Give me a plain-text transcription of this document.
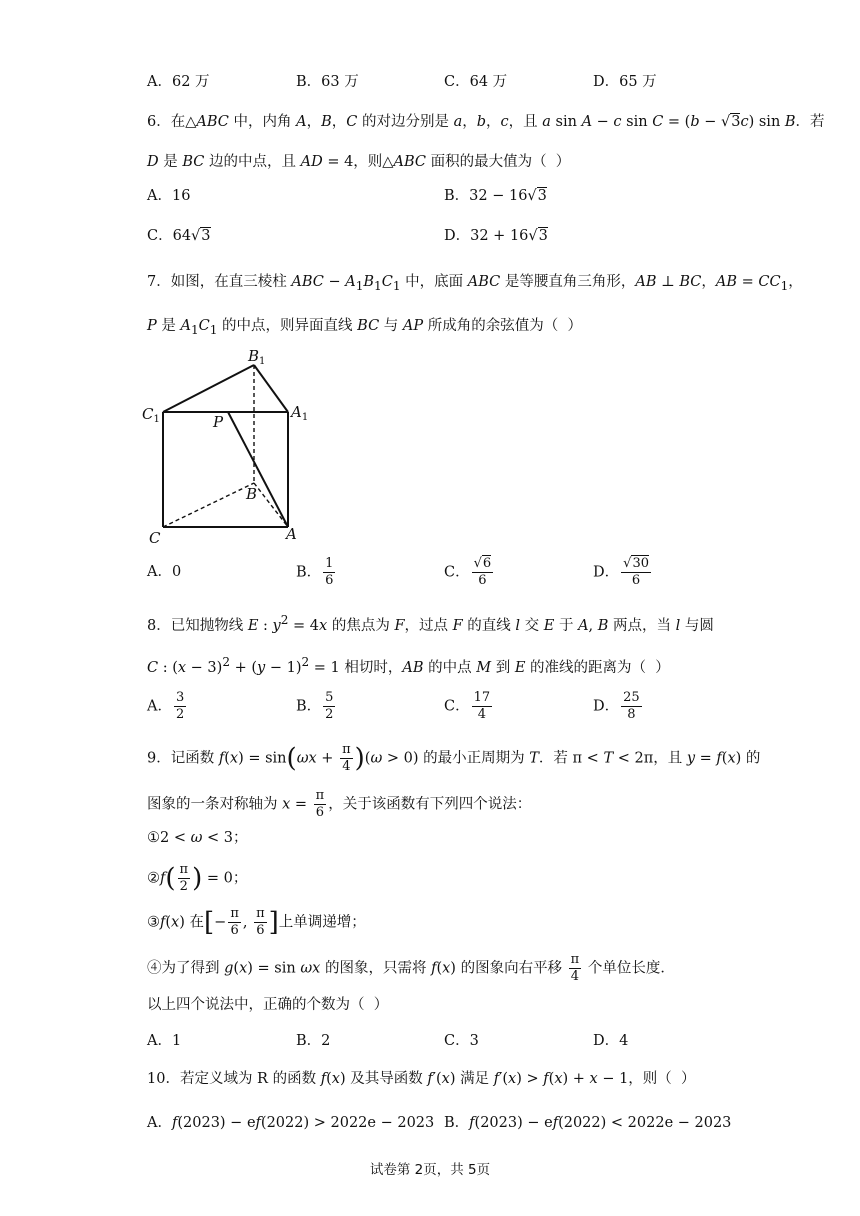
A．62 万	B．63 万	C．64 万	D．65 万
6．在△ABC 中，内角 A，B，C 的对边分别是 a，b，c，且 a sin A − c sin C = (b − √3c) sin B．若
D 是 BC 边的中点，且 AD = 4，则△ABC 面积的最大值为（  ）
A．16	B．32 − 16√3
C．64√3	D．32 + 16√3
7．如图，在直三棱柱 ABC − $A_1B_1C_1$ 中，底面 ABC 是等腰直角三角形，AB ⊥ BC，AB = $CC_1$，
P 是 $A_1C_1$ 的中点，则异面直线 BC 与 AP 所成角的余弦值为（  ）
$B_1$
$C_1$	$A_1$
P
B
C	A
A．0	B． $\frac{1}{6}$	C． $\frac{√6}{6}$	D． $\frac{√30}{6}$
8．已知抛物线 E : $y^2 = 4x$ 的焦点为 F，过点 F 的直线 l 交 E 于 A, B 两点，当 l 与圆
C : $(x - 3)^2 + (y - 1)^2 = 1$ 相切时，AB 的中点 M 到 E 的准线的距离为（  ）
A． $\frac{3}{2}$	B． $\frac{5}{2}$	C． $\frac{17}{4}$	D． $\frac{25}{8}$
9．记函数 $f(x) = \sin(\omega x + \frac{\pi}{4} )(\omega > 0)$ 的最小正周期为 T．若 π < T < 2π，且 y = f(x) 的
图象的一条对称轴为 $x = \frac{\pi}{6}$ ，关于该函数有下列四个说法：
①2 < ω < 3；
②f( $\frac{\pi}{2}$ ) = 0；
③f(x) 在[− $\frac{\pi}{6}$ , $\frac{\pi}{6}$ ]上单调递增；
④为了得到 g(x) = sin ωx 的图象，只需将 f(x) 的图象向右平移 $\frac{\pi}{4}$ 个单位长度．
以上四个说法中，正确的个数为（  ）
A．1	B．2	C．3	D．4
10．若定义域为 R 的函数 f(x) 及其导函数 f′(x) 满足 f′(x) > f(x) + x − 1，则（  ）
A．f(2023) − ef(2022) > 2022e − 2023 B．f(2023) − ef(2022) < 2022e − 2023
试卷第 2页，共 5页
